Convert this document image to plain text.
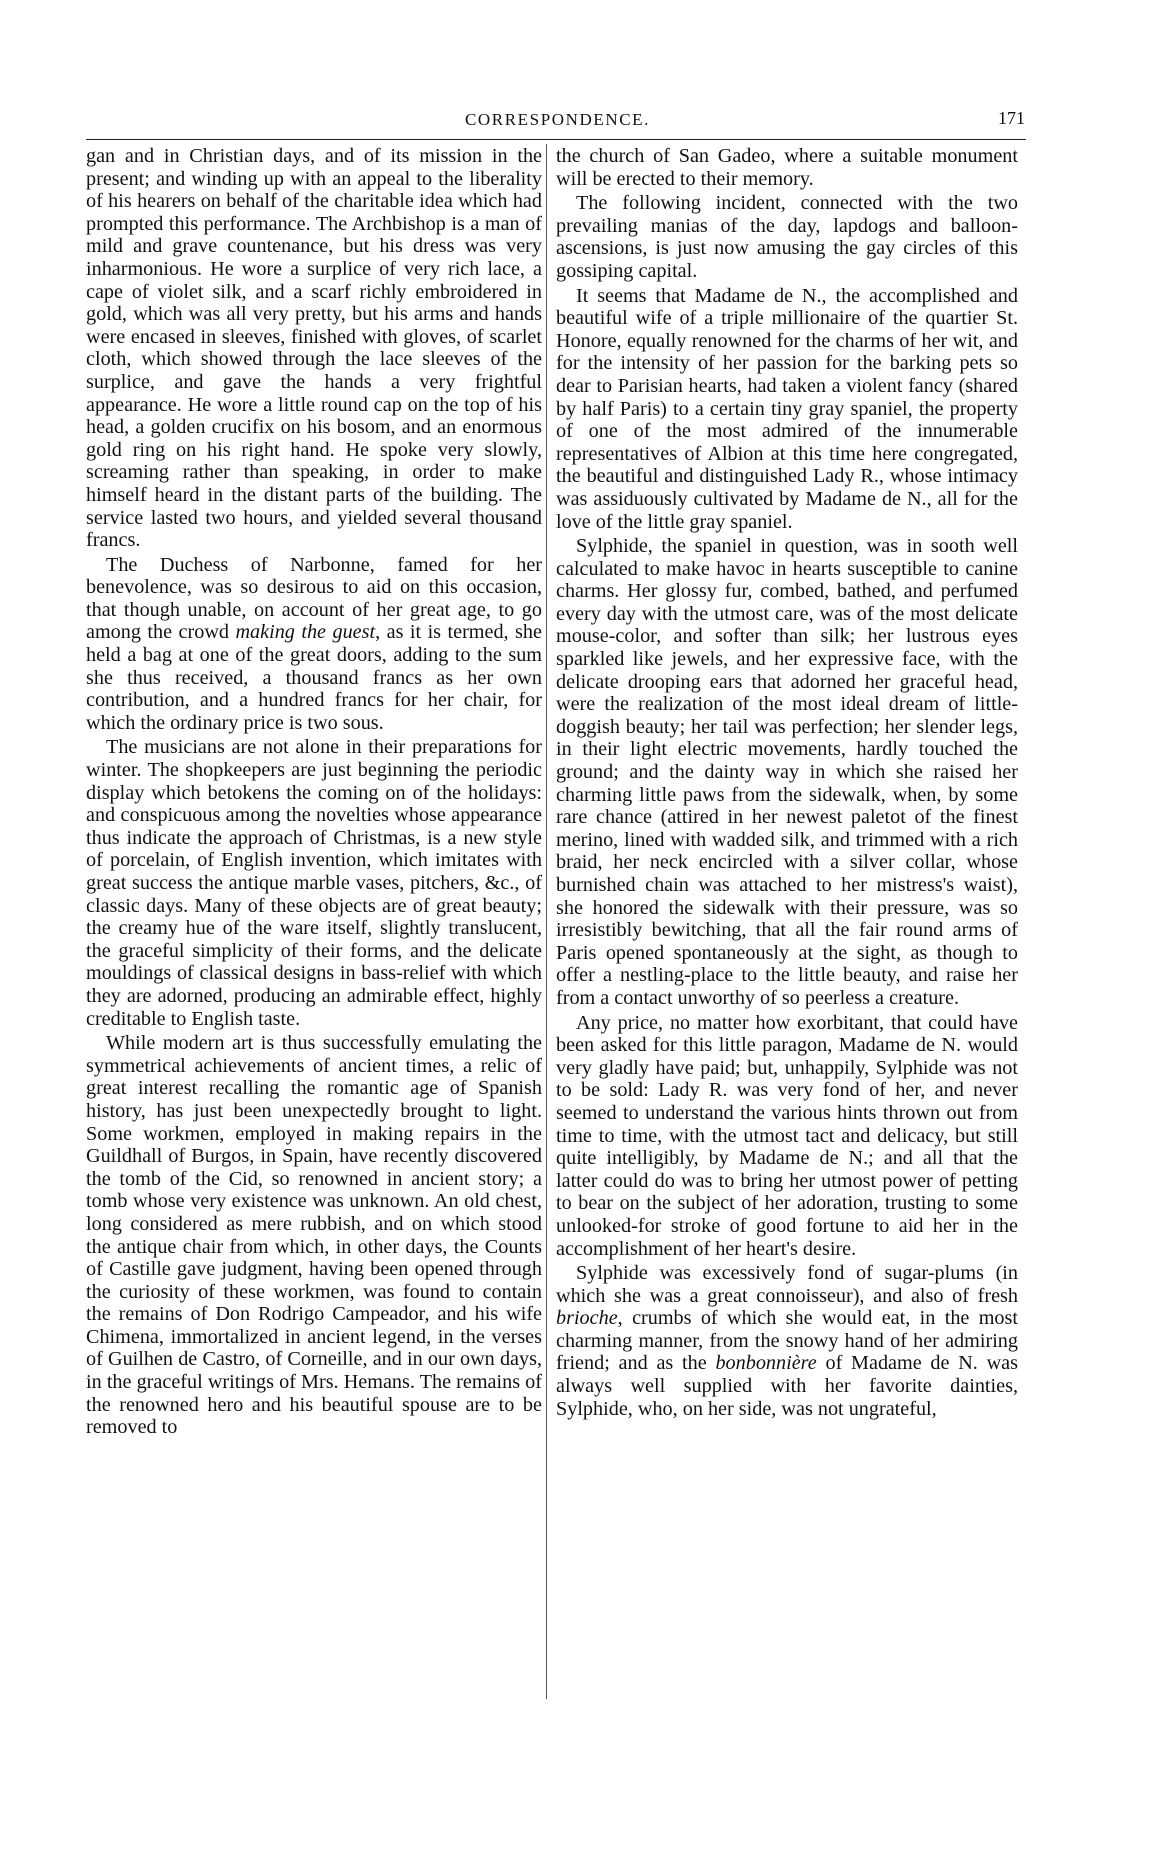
CORRESPONDENCE.	171

gan and in Christian days, and of its mission in the present; and winding up with an appeal to the liberality of his hearers on behalf of the charitable idea which had prompted this performance. The Archbishop is a man of mild and grave countenance, but his dress was very inharmonious. He wore a surplice of very rich lace, a cape of violet silk, and a scarf richly embroidered in gold, which was all very pretty, but his arms and hands were encased in sleeves, finished with gloves, of scarlet cloth, which showed through the lace sleeves of the surplice, and gave the hands a very frightful appearance. He wore a little round cap on the top of his head, a golden crucifix on his bosom, and an enormous gold ring on his right hand. He spoke very slowly, screaming rather than speaking, in order to make himself heard in the distant parts of the building. The service lasted two hours, and yielded several thousand francs.

The Duchess of Narbonne, famed for her benevolence, was so desirous to aid on this occasion, that though unable, on account of her great age, to go among the crowd making the guest, as it is termed, she held a bag at one of the great doors, adding to the sum she thus received, a thousand francs as her own contribution, and a hundred francs for her chair, for which the ordinary price is two sous.

The musicians are not alone in their preparations for winter. The shopkeepers are just beginning the periodic display which betokens the coming on of the holidays: and conspicuous among the novelties whose appearance thus indicate the approach of Christmas, is a new style of porcelain, of English invention, which imitates with great success the antique marble vases, pitchers, &c., of classic days. Many of these objects are of great beauty; the creamy hue of the ware itself, slightly translucent, the graceful simplicity of their forms, and the delicate mouldings of classical designs in bass-relief with which they are adorned, producing an admirable effect, highly creditable to English taste.

While modern art is thus successfully emulating the symmetrical achievements of ancient times, a relic of great interest recalling the romantic age of Spanish history, has just been unexpectedly brought to light. Some workmen, employed in making repairs in the Guildhall of Burgos, in Spain, have recently discovered the tomb of the Cid, so renowned in ancient story; a tomb whose very existence was unknown. An old chest, long considered as mere rubbish, and on which stood the antique chair from which, in other days, the Counts of Castille gave judgment, having been opened through the curiosity of these workmen, was found to contain the remains of Don Rodrigo Campeador, and his wife Chimena, immortalized in ancient legend, in the verses of Guilhen de Castro, of Corneille, and in our own days, in the graceful writings of Mrs. Hemans. The remains of the renowned hero and his beautiful spouse are to be removed to

the church of San Gadeo, where a suitable monument will be erected to their memory.

The following incident, connected with the two prevailing manias of the day, lapdogs and balloon-ascensions, is just now amusing the gay circles of this gossiping capital.

It seems that Madame de N., the accomplished and beautiful wife of a triple millionaire of the quartier St. Honore, equally renowned for the charms of her wit, and for the intensity of her passion for the barking pets so dear to Parisian hearts, had taken a violent fancy (shared by half Paris) to a certain tiny gray spaniel, the property of one of the most admired of the innumerable representatives of Albion at this time here congregated, the beautiful and distinguished Lady R., whose intimacy was assiduously cultivated by Madame de N., all for the love of the little gray spaniel.

Sylphide, the spaniel in question, was in sooth well calculated to make havoc in hearts susceptible to canine charms. Her glossy fur, combed, bathed, and perfumed every day with the utmost care, was of the most delicate mouse-color, and softer than silk; her lustrous eyes sparkled like jewels, and her expressive face, with the delicate drooping ears that adorned her graceful head, were the realization of the most ideal dream of little-doggish beauty; her tail was perfection; her slender legs, in their light electric movements, hardly touched the ground; and the dainty way in which she raised her charming little paws from the sidewalk, when, by some rare chance (attired in her newest paletot of the finest merino, lined with wadded silk, and trimmed with a rich braid, her neck encircled with a silver collar, whose burnished chain was attached to her mistress's waist), she honored the sidewalk with their pressure, was so irresistibly bewitching, that all the fair round arms of Paris opened spontaneously at the sight, as though to offer a nestling-place to the little beauty, and raise her from a contact unworthy of so peerless a creature.

Any price, no matter how exorbitant, that could have been asked for this little paragon, Madame de N. would very gladly have paid; but, unhappily, Sylphide was not to be sold: Lady R. was very fond of her, and never seemed to understand the various hints thrown out from time to time, with the utmost tact and delicacy, but still quite intelligibly, by Madame de N.; and all that the latter could do was to bring her utmost power of petting to bear on the subject of her adoration, trusting to some unlooked-for stroke of good fortune to aid her in the accomplishment of her heart's desire.

Sylphide was excessively fond of sugar-plums (in which she was a great connoisseur), and also of fresh brioche, crumbs of which she would eat, in the most charming manner, from the snowy hand of her admiring friend; and as the bonbonnière of Madame de N. was always well supplied with her favorite dainties, Sylphide, who, on her side, was not ungrateful,
